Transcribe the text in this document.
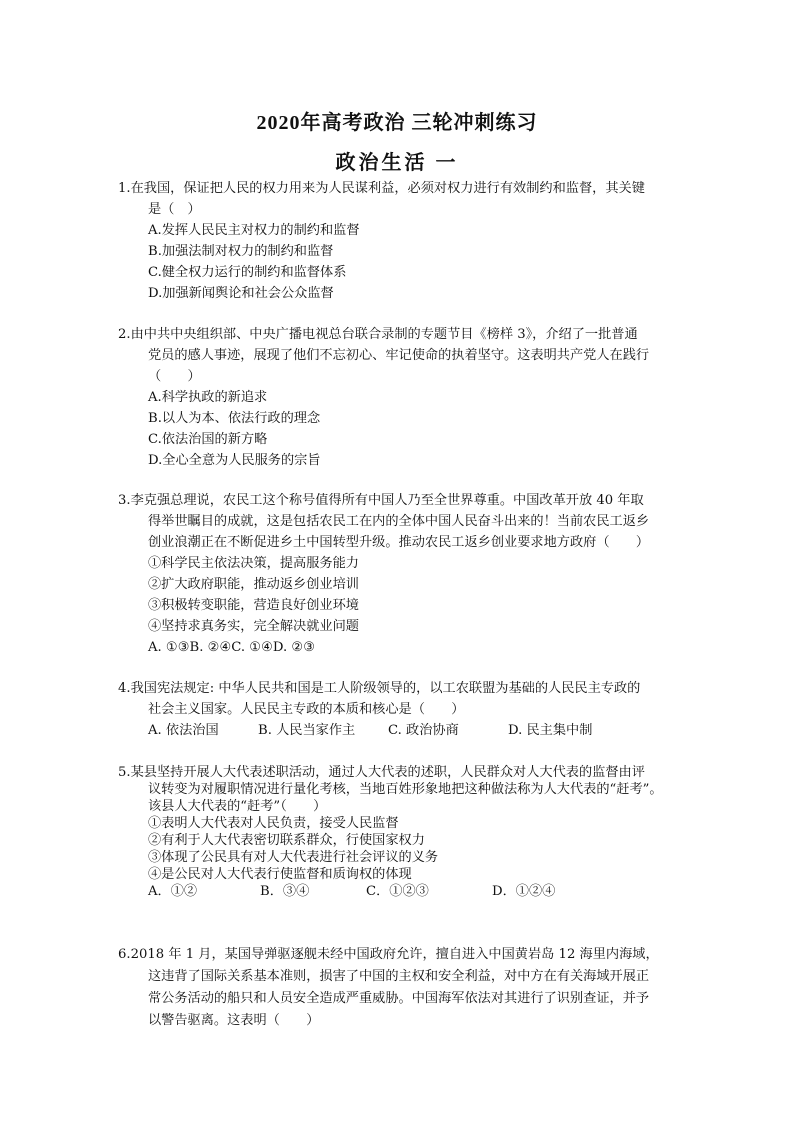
2020年高考政治 三轮冲刺练习
政治生活 一
1.在我国，保证把人民的权力用来为人民谋利益，必须对权力进行有效制约和监督，其关键
是（　）
A.发挥人民民主对权力的制约和监督
B.加强法制对权力的制约和监督
C.健全权力运行的制约和监督体系
D.加强新闻舆论和社会公众监督
2.由中共中央组织部、中央广播电视总台联合录制的专题节目《榜样 3》，介绍了一批普通
党员的感人事迹，展现了他们不忘初心、牢记使命的执着坚守。这表明共产党人在践行
（　　）
A.科学执政的新追求
B.以人为本、依法行政的理念
C.依法治国的新方略
D.全心全意为人民服务的宗旨
3.李克强总理说，农民工这个称号值得所有中国人乃至全世界尊重。中国改革开放 40 年取
得举世瞩目的成就，这是包括农民工在内的全体中国人民奋斗出来的！当前农民工返乡
创业浪潮正在不断促进乡土中国转型升级。推动农民工返乡创业要求地方政府（　　）
①科学民主依法决策，提高服务能力
②扩大政府职能，推动返乡创业培训
③积极转变职能，营造良好创业环境
④坚持求真务实，完全解决就业问题
A. ①③B. ②④C. ①④D. ②③
4.我国宪法规定: 中华人民共和国是工人阶级领导的，以工农联盟为基础的人民民主专政的
社会主义国家。人民民主专政的本质和核心是（　　）
A. 依法治国	B. 人民当家作主	C. 政治协商	D. 民主集中制
5.某县坚持开展人大代表述职活动，通过人大代表的述职，人民群众对人大代表的监督由评
议转变为对履职情况进行量化考核，当地百姓形象地把这种做法称为人大代表的“赶考”。
该县人大代表的“赶考”（　　）
①表明人大代表对人民负责，接受人民监督
②有利于人大代表密切联系群众，行使国家权力
③体现了公民具有对人大代表进行社会评议的义务
④是公民对人大代表行使监督和质询权的体现
A．①②	B．③④	C．①②③	D．①②④
6.2018 年 1 月，某国导弹驱逐舰未经中国政府允许，擅自进入中国黄岩岛 12 海里内海域，
这违背了国际关系基本准则，损害了中国的主权和安全利益，对中方在有关海域开展正
常公务活动的船只和人员安全造成严重威胁。中国海军依法对其进行了识别查证，并予
以警告驱离。这表明（　　）
